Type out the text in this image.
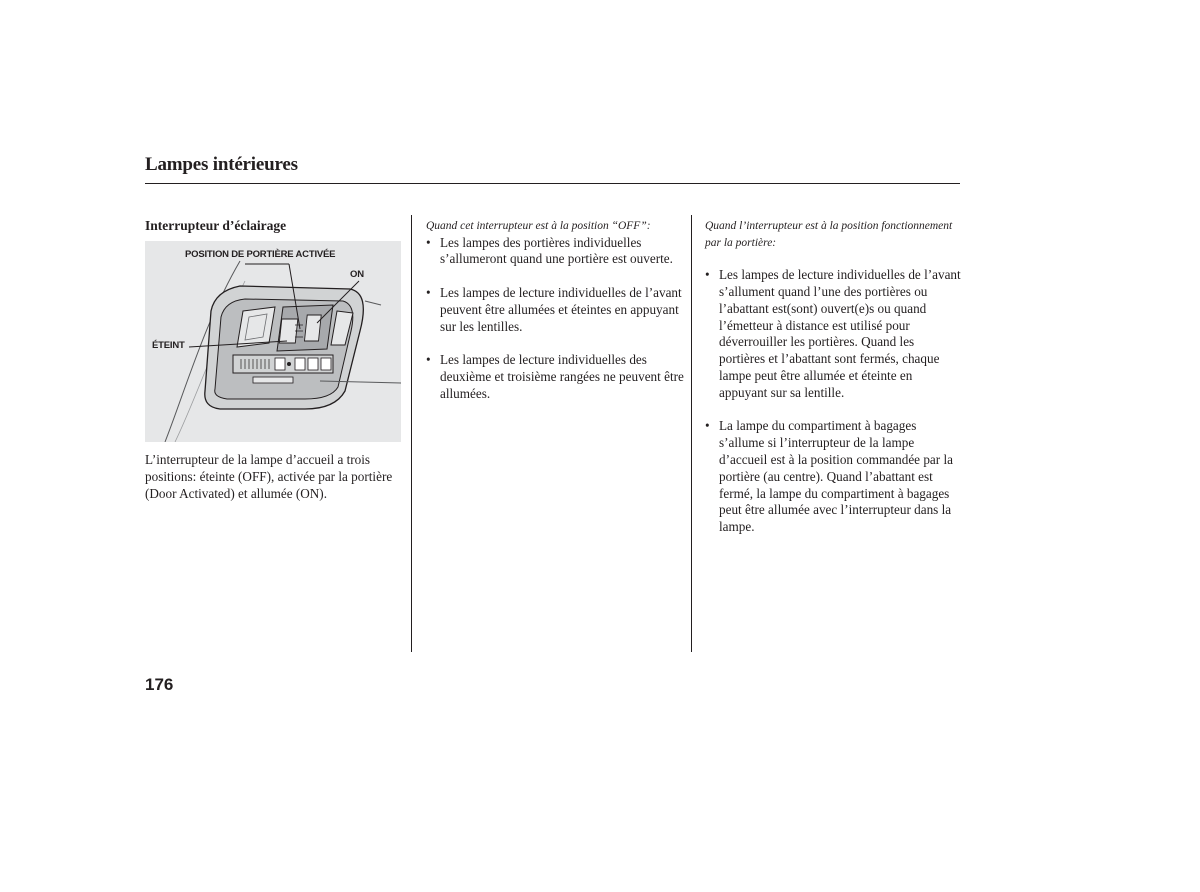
Lampes intérieures
Interrupteur d’éclairage
POSITION DE PORTIÈRE ACTIVÉE
ON
ÉTEINT
L’interrupteur de la lampe d’accueil a trois positions: éteinte (OFF), activée par la portière (Door Activated) et allumée (ON).
Quand cet interrupteur est à la position “OFF”:
• Les lampes des portières individuelles s’allumeront quand une portière est ouverte.
• Les lampes de lecture individuelles de l’avant peuvent être allumées et éteintes en appuyant sur les lentilles.
• Les lampes de lecture individuelles des deuxième et troisième rangées ne peuvent être allumées.
Quand l’interrupteur est à la position fonctionnement par la portière:
• Les lampes de lecture individuelles de l’avant s’allument quand l’une des portières ou l’abattant est(sont) ouvert(e)s ou quand l’émetteur à distance est utilisé pour déverrouiller les portières. Quand les portières et l’abattant sont fermés, chaque lampe peut être allumée et éteinte en appuyant sur sa lentille.
• La lampe du compartiment à bagages s’allume si l’interrupteur de la lampe d’accueil est à la position commandée par la portière (au centre). Quand l’abattant est fermé, la lampe du compartiment à bagages peut être allumée avec l’interrupteur dans la lampe.
176
